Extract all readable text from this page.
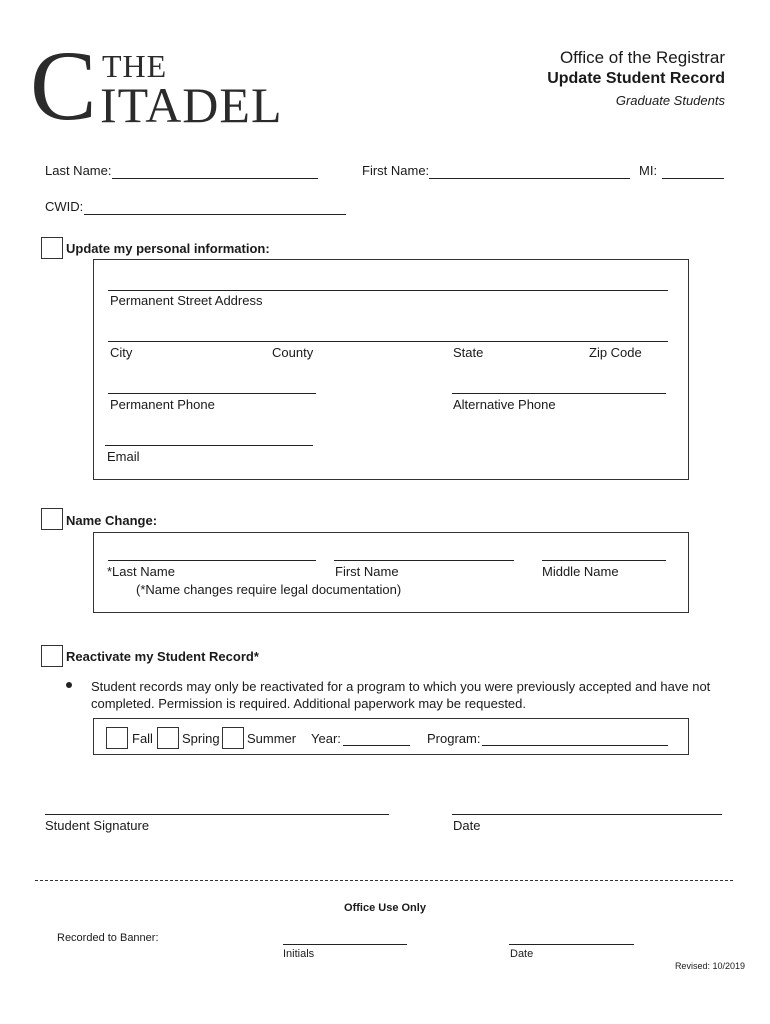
C THE
ITADEL
Office of the Registrar
Update Student Record
Graduate Students
Last Name:	First Name:	MI:
CWID:
Update my personal information:
Permanent Street Address
City	County	State	Zip Code
Permanent Phone	Alternative Phone
Email
Name Change:
*Last Name	First Name	Middle Name
(*Name changes require legal documentation)
Reactivate my Student Record*
Student records may only be reactivated for a program to which you were previously accepted and have not
completed. Permission is required. Additional paperwork may be requested.
Fall Spring Summer Year:	Program:
Student Signature	Date
Office Use Only
Recorded to Banner:
Initials	Date
Revised: 10/2019
